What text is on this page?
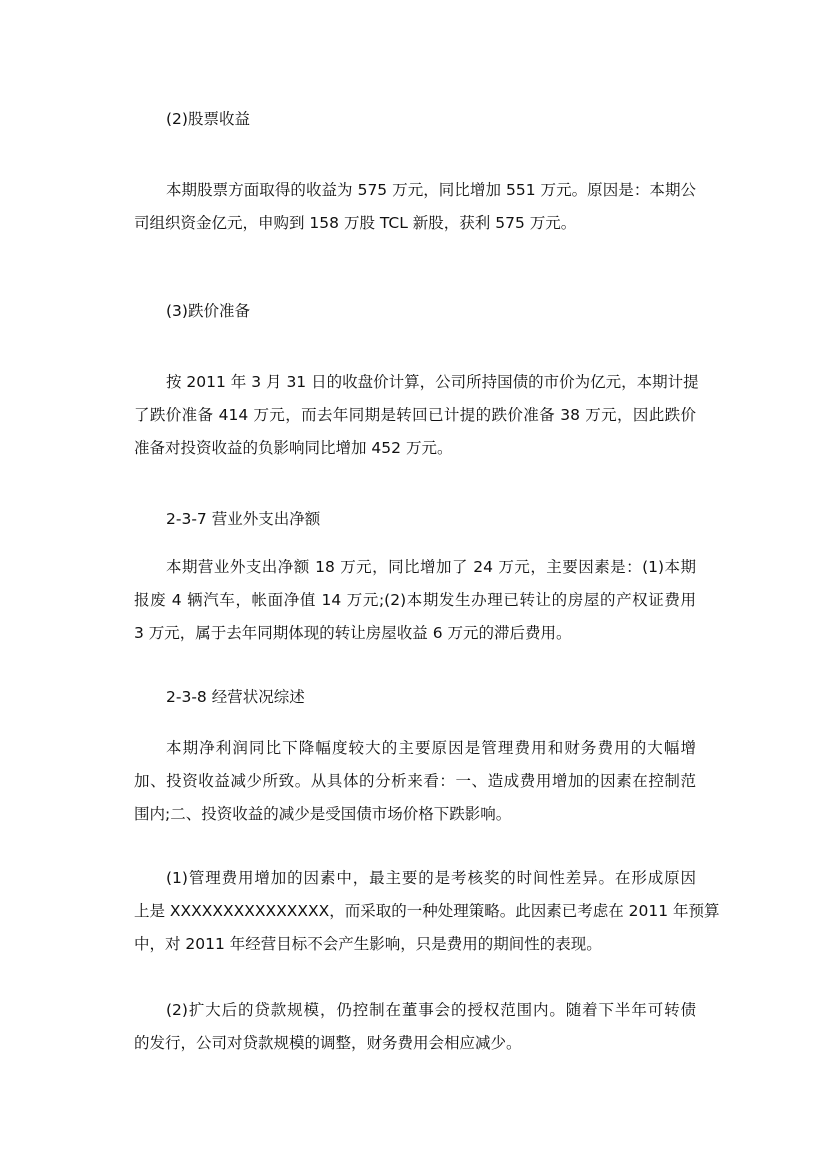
(2)股票收益
本期股票方面取得的收益为 575 万元，同比增加 551 万元。原因是：本期公
司组织资金亿元，申购到 158 万股 TCL 新股，获利 575 万元。
(3)跌价准备
按 2011 年 3 月 31 日的收盘价计算，公司所持国债的市价为亿元，本期计提
了跌价准备 414 万元，而去年同期是转回已计提的跌价准备 38 万元，因此跌价
准备对投资收益的负影响同比增加 452 万元。
2-3-7 营业外支出净额
本期营业外支出净额 18 万元，同比增加了 24 万元，主要因素是：(1)本期
报废 4 辆汽车，帐面净值 14 万元;(2)本期发生办理已转让的房屋的产权证费用
3 万元，属于去年同期体现的转让房屋收益 6 万元的滞后费用。
2-3-8 经营状况综述
本期净利润同比下降幅度较大的主要原因是管理费用和财务费用的大幅增
加、投资收益减少所致。从具体的分析来看：一、造成费用增加的因素在控制范
围内;二、投资收益的减少是受国债市场价格下跌影响。
(1)管理费用增加的因素中，最主要的是考核奖的时间性差异。在形成原因
上是 XXXXXXXXXXXXXXX，而采取的一种处理策略。此因素已考虑在 2011 年预算
中，对 2011 年经营目标不会产生影响，只是费用的期间性的表现。
(2)扩大后的贷款规模，仍控制在董事会的授权范围内。随着下半年可转债
的发行，公司对贷款规模的调整，财务费用会相应减少。
